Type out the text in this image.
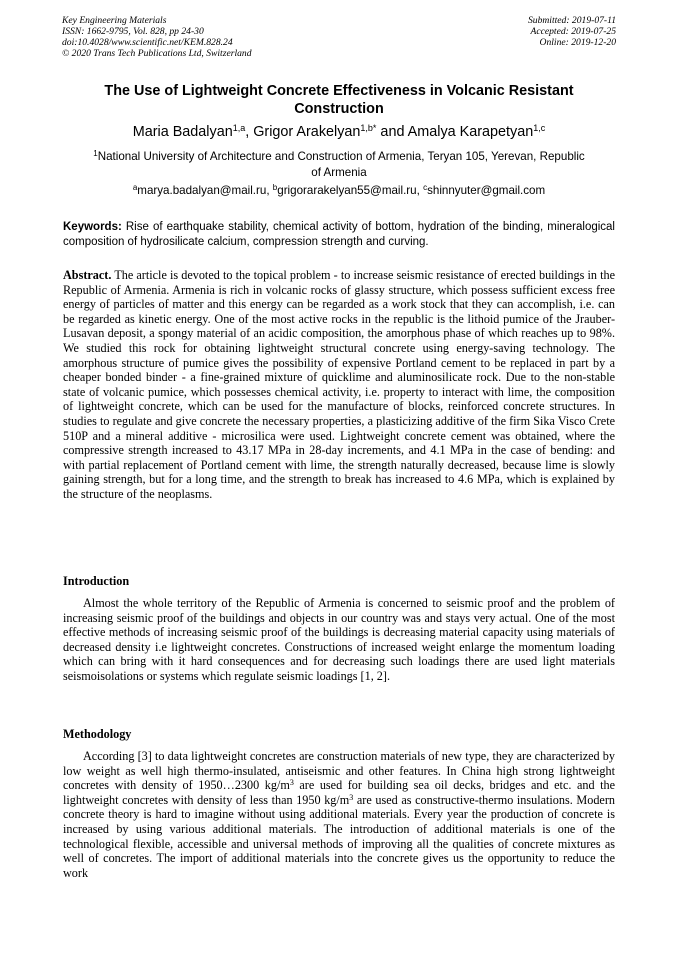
Key Engineering Materials
ISSN: 1662-9795, Vol. 828, pp 24-30
doi:10.4028/www.scientific.net/KEM.828.24
© 2020 Trans Tech Publications Ltd, Switzerland
Submitted: 2019-07-11
Accepted: 2019-07-25
Online: 2019-12-20
The Use of Lightweight Concrete Effectiveness in Volcanic Resistant Construction
Maria Badalyan$^{1,a}$, Grigor Arakelyan$^{1,b*}$ and Amalya Karapetyan$^{1,c}$
$^1$National University of Architecture and Construction of Armenia, Teryan 105, Yerevan, Republic of Armenia
$^a$marya.badalyan@mail.ru, $^b$grigorarakelyan55@mail.ru, $^c$shinnyuter@gmail.com
Keywords: Rise of earthquake stability, chemical activity of bottom, hydration of the binding, mineralogical composition of hydrosilicate calcium, compression strength and curving.
Abstract. The article is devoted to the topical problem - to increase seismic resistance of erected buildings in the Republic of Armenia. Armenia is rich in volcanic rocks of glassy structure, which possess sufficient excess free energy of particles of matter and this energy can be regarded as a work stock that they can accomplish, i.e. can be regarded as kinetic energy. One of the most active rocks in the republic is the lithoid pumice of the Jrauber-Lusavan deposit, a spongy material of an acidic composition, the amorphous phase of which reaches up to 98%. We studied this rock for obtaining lightweight structural concrete using energy-saving technology. The amorphous structure of pumice gives the possibility of expensive Portland cement to be replaced in part by a cheaper bonded binder - a fine-grained mixture of quicklime and aluminosilicate rock. Due to the non-stable state of volcanic pumice, which possesses chemical activity, i.e. property to interact with lime, the composition of lightweight concrete, which can be used for the manufacture of blocks, reinforced concrete structures. In studies to regulate and give concrete the necessary properties, a plasticizing additive of the firm Sika Visco Crete 510P and a mineral additive - microsilica were used. Lightweight concrete cement was obtained, where the compressive strength increased to 43.17 MPa in 28-day increments, and 4.1 MPa in the case of bending: and with partial replacement of Portland cement with lime, the strength naturally decreased, because lime is slowly gaining strength, but for a long time, and the strength to break has increased to 4.6 MPa, which is explained by the structure of the neoplasms.
Introduction
Almost the whole territory of the Republic of Armenia is concerned to seismic proof and the problem of increasing seismic proof of the buildings and objects in our country was and stays very actual. One of the most effective methods of increasing seismic proof of the buildings is decreasing material capacity using materials of decreased density i.e lightweight concretes. Constructions of increased weight enlarge the momentum loading which can bring with it hard consequences and for decreasing such loadings there are used light materials seismoisolations or systems which regulate seismic loadings [1, 2].
Methodology
According [3] to data lightweight concretes are construction materials of new type, they are characterized by low weight as well high thermo-insulated, antiseismic and other features. In China high strong lightweight concretes with density of 1950…2300 $kg/m^3$ are used for building sea oil decks, bridges and etc. and the lightweight concretes with density of less than 1950 $kg/m^3$ are used as constructive-thermo insulations. Modern concrete theory is hard to imagine without using additional materials. Every year the production of concrete is increased by using various additional materials. The introduction of additional materials is one of the technological flexible, accessible and universal methods of improving all the qualities of concrete mixtures as well of concretes. The import of additional materials into the concrete gives us the opportunity to reduce the work
